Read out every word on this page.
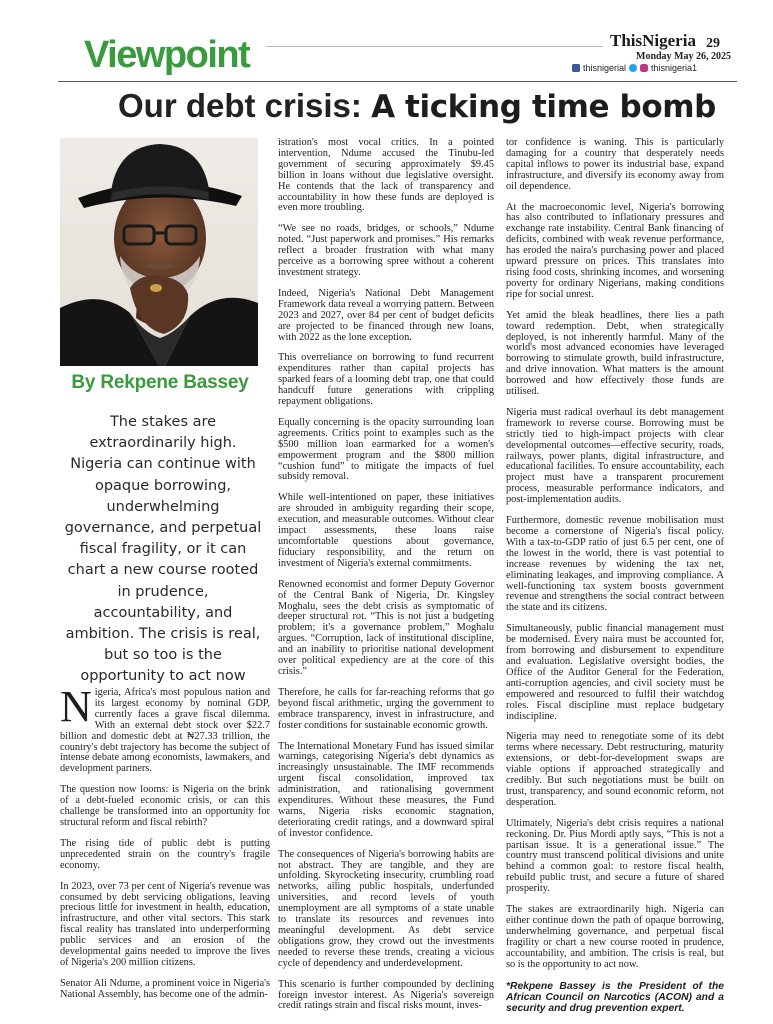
Viewpoint	ThisNigeria 29
Monday May 26, 2025
thisnigerial	thisnigeria1
Our debt crisis: A ticking time bomb
By Rekpene Bassey
The stakes are extraordinarily high. Nigeria can continue with opaque borrowing, underwhelming governance, and perpetual fiscal fragility, or it can chart a new course rooted in prudence, accountability, and ambition. The crisis is real, but so too is the opportunity to act now

Nigeria, Africa's most populous nation and its largest economy by nominal GDP, currently faces a grave fiscal dilemma. With an external debt stock over $22.7 billion and domestic debt at ₦27.33 trillion, the country's debt trajectory has become the subject of intense debate among economists, lawmakers, and development partners.

The question now looms: is Nigeria on the brink of a debt-fueled economic crisis, or can this challenge be transformed into an opportunity for structural reform and fiscal rebirth?

The rising tide of public debt is putting unprecedented strain on the country's fragile economy.

In 2023, over 73 per cent of Nigeria's revenue was consumed by debt servicing obligations, leaving precious little for investment in health, education, infrastructure, and other vital sectors. This stark fiscal reality has translated into underperforming public services and an erosion of the developmental gains needed to improve the lives of Nigeria's 200 million citizens.

Senator Ali Ndume, a prominent voice in Nigeria's National Assembly, has become one of the admin-

istration's most vocal critics. In a pointed intervention, Ndume accused the Tinubu-led government of securing approximately $9.45 billion in loans without due legislative oversight. He contends that the lack of transparency and accountability in how these funds are deployed is even more troubling.

“We see no roads, bridges, or schools,” Ndume noted. “Just paperwork and promises.” His remarks reflect a broader frustration with what many perceive as a borrowing spree without a coherent investment strategy.

Indeed, Nigeria's National Debt Management Framework data reveal a worrying pattern. Between 2023 and 2027, over 84 per cent of budget deficits are projected to be financed through new loans, with 2022 as the lone exception.

This overreliance on borrowing to fund recurrent expenditures rather than capital projects has sparked fears of a looming debt trap, one that could handcuff future generations with crippling repayment obligations.

Equally concerning is the opacity surrounding loan agreements. Critics point to examples such as the $500 million loan earmarked for a women's empowerment program and the $800 million “cushion fund” to mitigate the impacts of fuel subsidy removal.

While well-intentioned on paper, these initiatives are shrouded in ambiguity regarding their scope, execution, and measurable outcomes. Without clear impact assessments, these loans raise uncomfortable questions about governance, fiduciary responsibility, and the return on investment of Nigeria's external commitments.

Renowned economist and former Deputy Governor of the Central Bank of Nigeria, Dr. Kingsley Moghalu, sees the debt crisis as symptomatic of deeper structural rot. “This is not just a budgeting problem; it's a governance problem,” Moghalu argues. “Corruption, lack of institutional discipline, and an inability to prioritise national development over political expediency are at the core of this crisis.”

Therefore, he calls for far-reaching reforms that go beyond fiscal arithmetic, urging the government to embrace transparency, invest in infrastructure, and foster conditions for sustainable economic growth.

The International Monetary Fund has issued similar warnings, categorising Nigeria's debt dynamics as increasingly unsustainable. The IMF recommends urgent fiscal consolidation, improved tax administration, and rationalising government expenditures. Without these measures, the Fund warns, Nigeria risks economic stagnation, deteriorating credit ratings, and a downward spiral of investor confidence.

The consequences of Nigeria's borrowing habits are not abstract. They are tangible, and they are unfolding. Skyrocketing insecurity, crumbling road networks, ailing public hospitals, underfunded universities, and record levels of youth unemployment are all symptoms of a state unable to translate its resources and revenues into meaningful development. As debt service obligations grow, they crowd out the investments needed to reverse these trends, creating a vicious cycle of dependency and underdevelopment.

This scenario is further compounded by declining foreign investor interest. As Nigeria's sovereign credit ratings strain and fiscal risks mount, inves-

tor confidence is waning. This is particularly damaging for a country that desperately needs capital inflows to power its industrial base, expand infrastructure, and diversify its economy away from oil dependence.

At the macroeconomic level, Nigeria's borrowing has also contributed to inflationary pressures and exchange rate instability. Central Bank financing of deficits, combined with weak revenue performance, has eroded the naira's purchasing power and placed upward pressure on prices. This translates into rising food costs, shrinking incomes, and worsening poverty for ordinary Nigerians, making conditions ripe for social unrest.

Yet amid the bleak headlines, there lies a path toward redemption. Debt, when strategically deployed, is not inherently harmful. Many of the world's most advanced economies have leveraged borrowing to stimulate growth, build infrastructure, and drive innovation. What matters is the amount borrowed and how effectively those funds are utilised.

Nigeria must radical overhaul its debt management framework to reverse course. Borrowing must be strictly tied to high-impact projects with clear developmental outcomes—effective security, roads, railways, power plants, digital infrastructure, and educational facilities. To ensure accountability, each project must have a transparent procurement process, measurable performance indicators, and post-implementation audits.

Furthermore, domestic revenue mobilisation must become a cornerstone of Nigeria's fiscal policy. With a tax-to-GDP ratio of just 6.5 per cent, one of the lowest in the world, there is vast potential to increase revenues by widening the tax net, eliminating leakages, and improving compliance. A well-functioning tax system boosts government revenue and strengthens the social contract between the state and its citizens.

Simultaneously, public financial management must be modernised. Every naira must be accounted for, from borrowing and disbursement to expenditure and evaluation. Legislative oversight bodies, the Office of the Auditor General for the Federation, anti-corruption agencies, and civil society must be empowered and resourced to fulfil their watchdog roles. Fiscal discipline must replace budgetary indiscipline.

Nigeria may need to renegotiate some of its debt terms where necessary. Debt restructuring, maturity extensions, or debt-for-development swaps are viable options if approached strategically and credibly. But such negotiations must be built on trust, transparency, and sound economic reform, not desperation.

Ultimately, Nigeria's debt crisis requires a national reckoning. Dr. Pius Mordi aptly says, “This is not a partisan issue. It is a generational issue.” The country must transcend political divisions and unite behind a common goal: to restore fiscal health, rebuild public trust, and secure a future of shared prosperity.

The stakes are extraordinarily high. Nigeria can either continue down the path of opaque borrowing, underwhelming governance, and perpetual fiscal fragility or chart a new course rooted in prudence, accountability, and ambition. The crisis is real, but so is the opportunity to act now.

*Rekpene Bassey is the President of the African Council on Narcotics (ACON) and a security and drug prevention expert.
